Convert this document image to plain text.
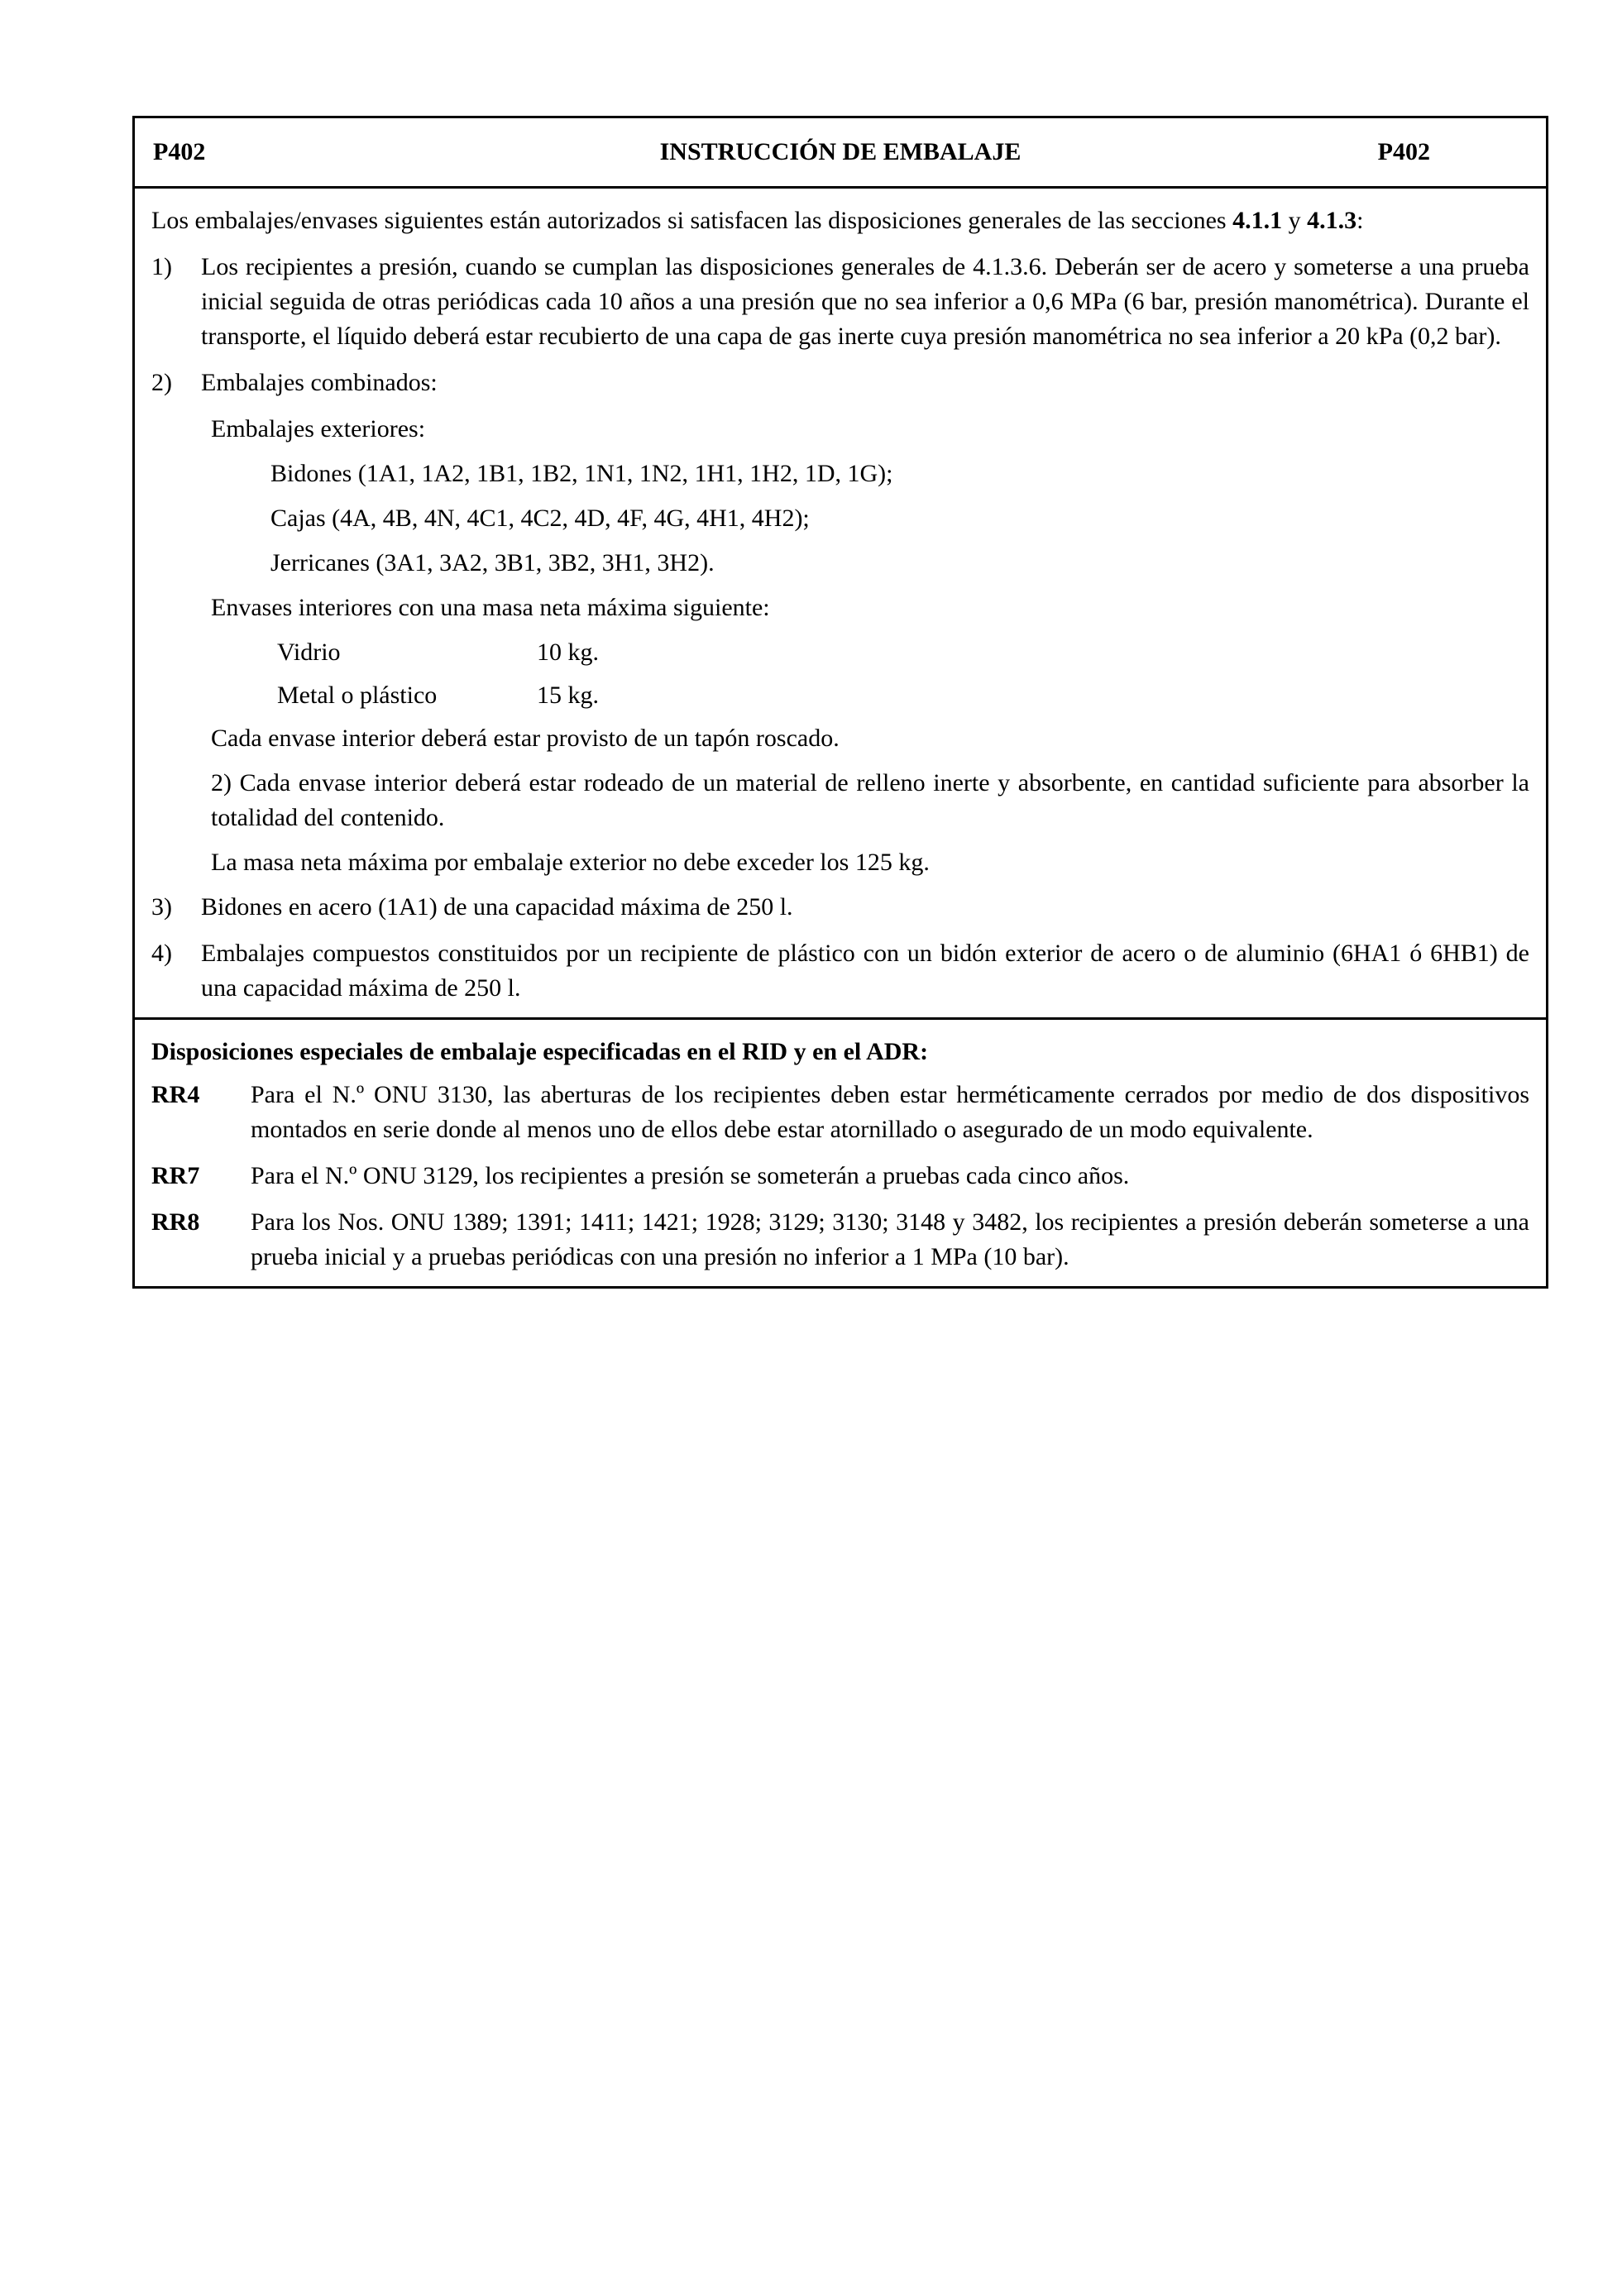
P402	INSTRUCCIÓN DE EMBALAJE	P402

Los embalajes/envases siguientes están autorizados si satisfacen las disposiciones generales de las secciones 4.1.1 y 4.1.3:

1)	Los recipientes a presión, cuando se cumplan las disposiciones generales de 4.1.3.6. Deberán ser de acero y someterse a una prueba inicial seguida de otras periódicas cada 10 años a una presión que no sea inferior a 0,6 MPa (6 bar, presión manométrica). Durante el transporte, el líquido deberá estar recubierto de una capa de gas inerte cuya presión manométrica no sea inferior a 20 kPa (0,2 bar).
2)	Embalajes combinados:

Embalajes exteriores:

Bidones (1A1, 1A2, 1B1, 1B2, 1N1, 1N2, 1H1, 1H2, 1D, 1G);

Cajas (4A, 4B, 4N, 4C1, 4C2, 4D, 4F, 4G, 4H1, 4H2);

Jerricanes (3A1, 3A2, 3B1, 3B2, 3H1, 3H2).

Envases interiores con una masa neta máxima siguiente:

Vidrio	10 kg.
Metal o plástico	15 kg.

Cada envase interior deberá estar provisto de un tapón roscado.

2) Cada envase interior deberá estar rodeado de un material de relleno inerte y absorbente, en cantidad suficiente para absorber la totalidad del contenido.

La masa neta máxima por embalaje exterior no debe exceder los 125 kg.

3)	Bidones en acero (1A1) de una capacidad máxima de 250 l.
4)	Embalajes compuestos constituidos por un recipiente de plástico con un bidón exterior de acero o de aluminio (6HA1 ó 6HB1) de una capacidad máxima de 250 l.

Disposiciones especiales de embalaje especificadas en el RID y en el ADR:

RR4	Para el N.º ONU 3130, las aberturas de los recipientes deben estar herméticamente cerrados por medio de dos dispositivos montados en serie donde al menos uno de ellos debe estar atornillado o asegurado de un modo equivalente.
RR7	Para el N.º ONU 3129, los recipientes a presión se someterán a pruebas cada cinco años.
RR8	Para los Nos. ONU 1389; 1391; 1411; 1421; 1928; 3129; 3130; 3148 y 3482, los recipientes a presión deberán someterse a una prueba inicial y a pruebas periódicas con una presión no inferior a 1 MPa (10 bar).
